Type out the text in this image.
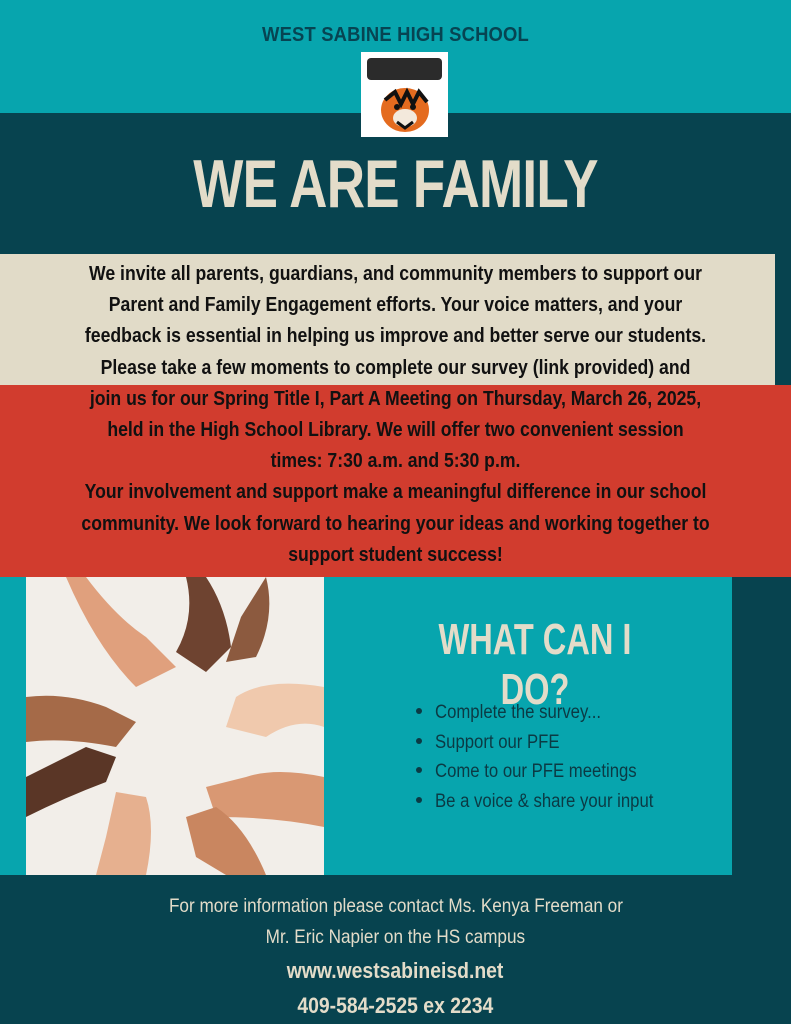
WEST SABINE HIGH SCHOOL
WE ARE FAMILY
We invite all parents, guardians, and community members to support our
Parent and Family Engagement efforts. Your voice matters, and your
feedback is essential in helping us improve and better serve our students.
Please take a few moments to complete our survey (link provided) and
join us for our Spring Title I, Part A Meeting on Thursday, March 26, 2025,
held in the High School Library. We will offer two convenient session
times: 7:30 a.m. and 5:30 p.m.
Your involvement and support make a meaningful difference in our school
community. We look forward to hearing your ideas and working together to
support student success!
WHAT CAN I DO?
Complete the survey...
Support our PFE
Come to our PFE meetings
Be a voice & share your input
For more information please contact Ms. Kenya Freeman or
Mr. Eric Napier on the HS campus
www.westsabineisd.net
409-584-2525 ex 2234
